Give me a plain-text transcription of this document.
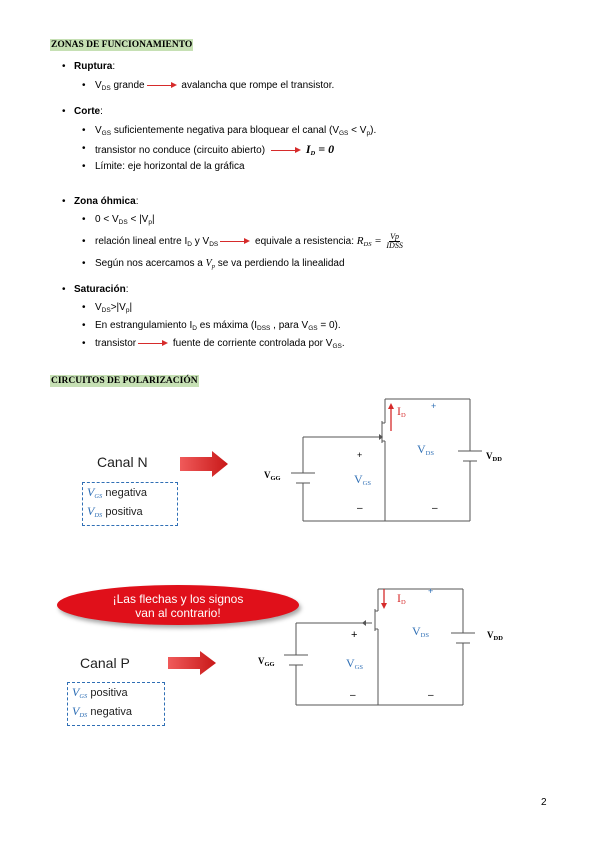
ZONAS DE FUNCIONAMIENTO
• Ruptura:
• $V_{DS}$ grande	avalancha que rompe el transistor.
• Corte:
• $V_{GS}$ suficientemente negativa para bloquear el canal $(V_{GS} < V_p)$.
• transistor no conduce (circuito abierto)	$I_D = 0$
• Límite: eje horizontal de la gráfica
• Zona óhmica:
• $0 < V_{DS} < |V_p|$
• relación lineal entre $I_D$ y $V_{DS}$	equivale a resistencia: $R_{DS} = \frac{Vp}{\text{IDSS}}$
• Según nos acercamos a $V_p$ se va perdiendo la linealidad
• Saturación:
• $V_{DS}>|V_p|$
• En estrangulamiento $I_D$ es máxima ($I_{DSS}$ , para $V_{GS} = 0$).
• transistor	fuente de corriente controlada por $V_{GS}$.
CIRCUITOS DE POLARIZACIÓN
Canal N
$V_{GS}$ negativa
$V_{DS}$ positiva
$I_D$
+
$V_{DS}$
+
$V_{GS}$
$V_{GG}$
$V_{DD}$
–	–
¡Las flechas y los signos
van al contrario!
Canal P
$V_{GS}$ positiva
$V_{DS}$ negativa
$I_D$
+
$V_{DS}$
+
$V_{GS}$
$V_{GG}$
$V_{DD}$
–	–
2
